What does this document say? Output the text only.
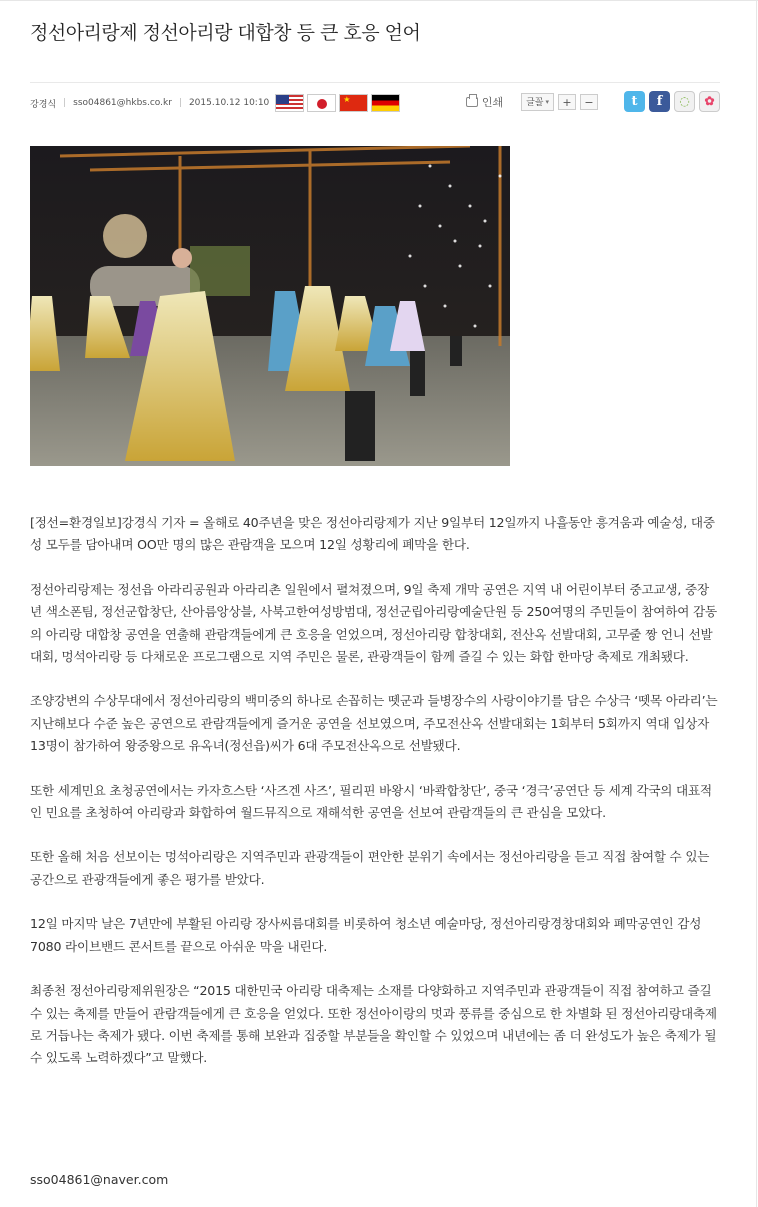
정선아리랑제 정선아리랑 대합창 등 큰 호응 얻어
강경식 | sso04861@hkbs.co.kr | 2015.10.12 10:10
★	인쇄	글꼴 ▾	+	−	t	f	◌	✿

[정선=환경일보]강경식 기자 = 올해로 40주년을 맞은 정선아리랑제가 지난 9일부터 12일까지 나흘동안 흥겨움과 예술성, 대중성 모두를 담아내며 OO만 명의 많은 관람객을 모으며 12일 성황리에 폐막을 한다.

정선아리랑제는 정선읍 아라리공원과 아라리촌 일원에서 펼쳐졌으며, 9일 축제 개막 공연은 지역 내 어린이부터 중고교생, 중장년 색소폰팀, 정선군합창단, 산아름앙상블, 사북고한여성방범대, 정선군립아리랑예술단원 등 250여명의 주민들이 참여하여 감동의 아리랑 대합창 공연을 연출해 관람객들에게 큰 호응을 얻었으며, 정선아리랑 합창대회, 전산옥 선발대회, 고무줄 짱 언니 선발대회, 멍석아리랑 등 다채로운 프로그램으로 지역 주민은 물론, 관광객들이 함께 즐길 수 있는 화합 한마당 축제로 개최됐다.

조양강변의 수상무대에서 정선아리랑의 백미중의 하나로 손꼽히는 뗏군과 들병장수의 사랑이야기를 담은 수상극 ‘뗏목 아라리’는 지난해보다 수준 높은 공연으로 관람객들에게 즐거운 공연을 선보였으며, 주모전산옥 선발대회는 1회부터 5회까지 역대 입상자 13명이 참가하여 왕중왕으로 유옥녀(정선읍)씨가 6대 주모전산옥으로 선발됐다.

또한 세계민요 초청공연에서는 카자흐스탄 ‘사즈겐 사즈’, 필리핀 바왕시 ‘바콱합창단’, 중국 ‘경극’공연단 등 세계 각국의 대표적인 민요를 초청하여 아리랑과 화합하여 월드뮤직으로 재해석한 공연을 선보여 관람객들의 큰 관심을 모았다.

또한 올해 처음 선보이는 멍석아리랑은 지역주민과 관광객들이 편안한 분위기 속에서는 정선아리랑을 듣고 직접 참여할 수 있는 공간으로 관광객들에게 좋은 평가를 받았다.

12일 마지막 날은 7년만에 부활된 아리랑 장사씨름대회를 비롯하여 청소년 예술마당, 정선아리랑경창대회와 폐막공연인 감성 7080 라이브밴드 콘서트를 끝으로 아쉬운 막을 내린다.

최종천 정선아리랑제위원장은 “2015 대한민국 아리랑 대축제는 소재를 다양화하고 지역주민과 관광객들이 직접 참여하고 즐길 수 있는 축제를 만들어 관람객들에게 큰 호응을 얻었다. 또한 정선아이랑의 멋과 풍류를 중심으로 한 차별화 된 정선아리랑대축제로 거듭나는 축제가 됐다. 이번 축제를 통해 보완과 집중할 부분들을 확인할 수 있었으며 내년에는 좀 더 완성도가 높은 축제가 될 수 있도록 노력하겠다”고 말했다.

sso04861@naver.com
